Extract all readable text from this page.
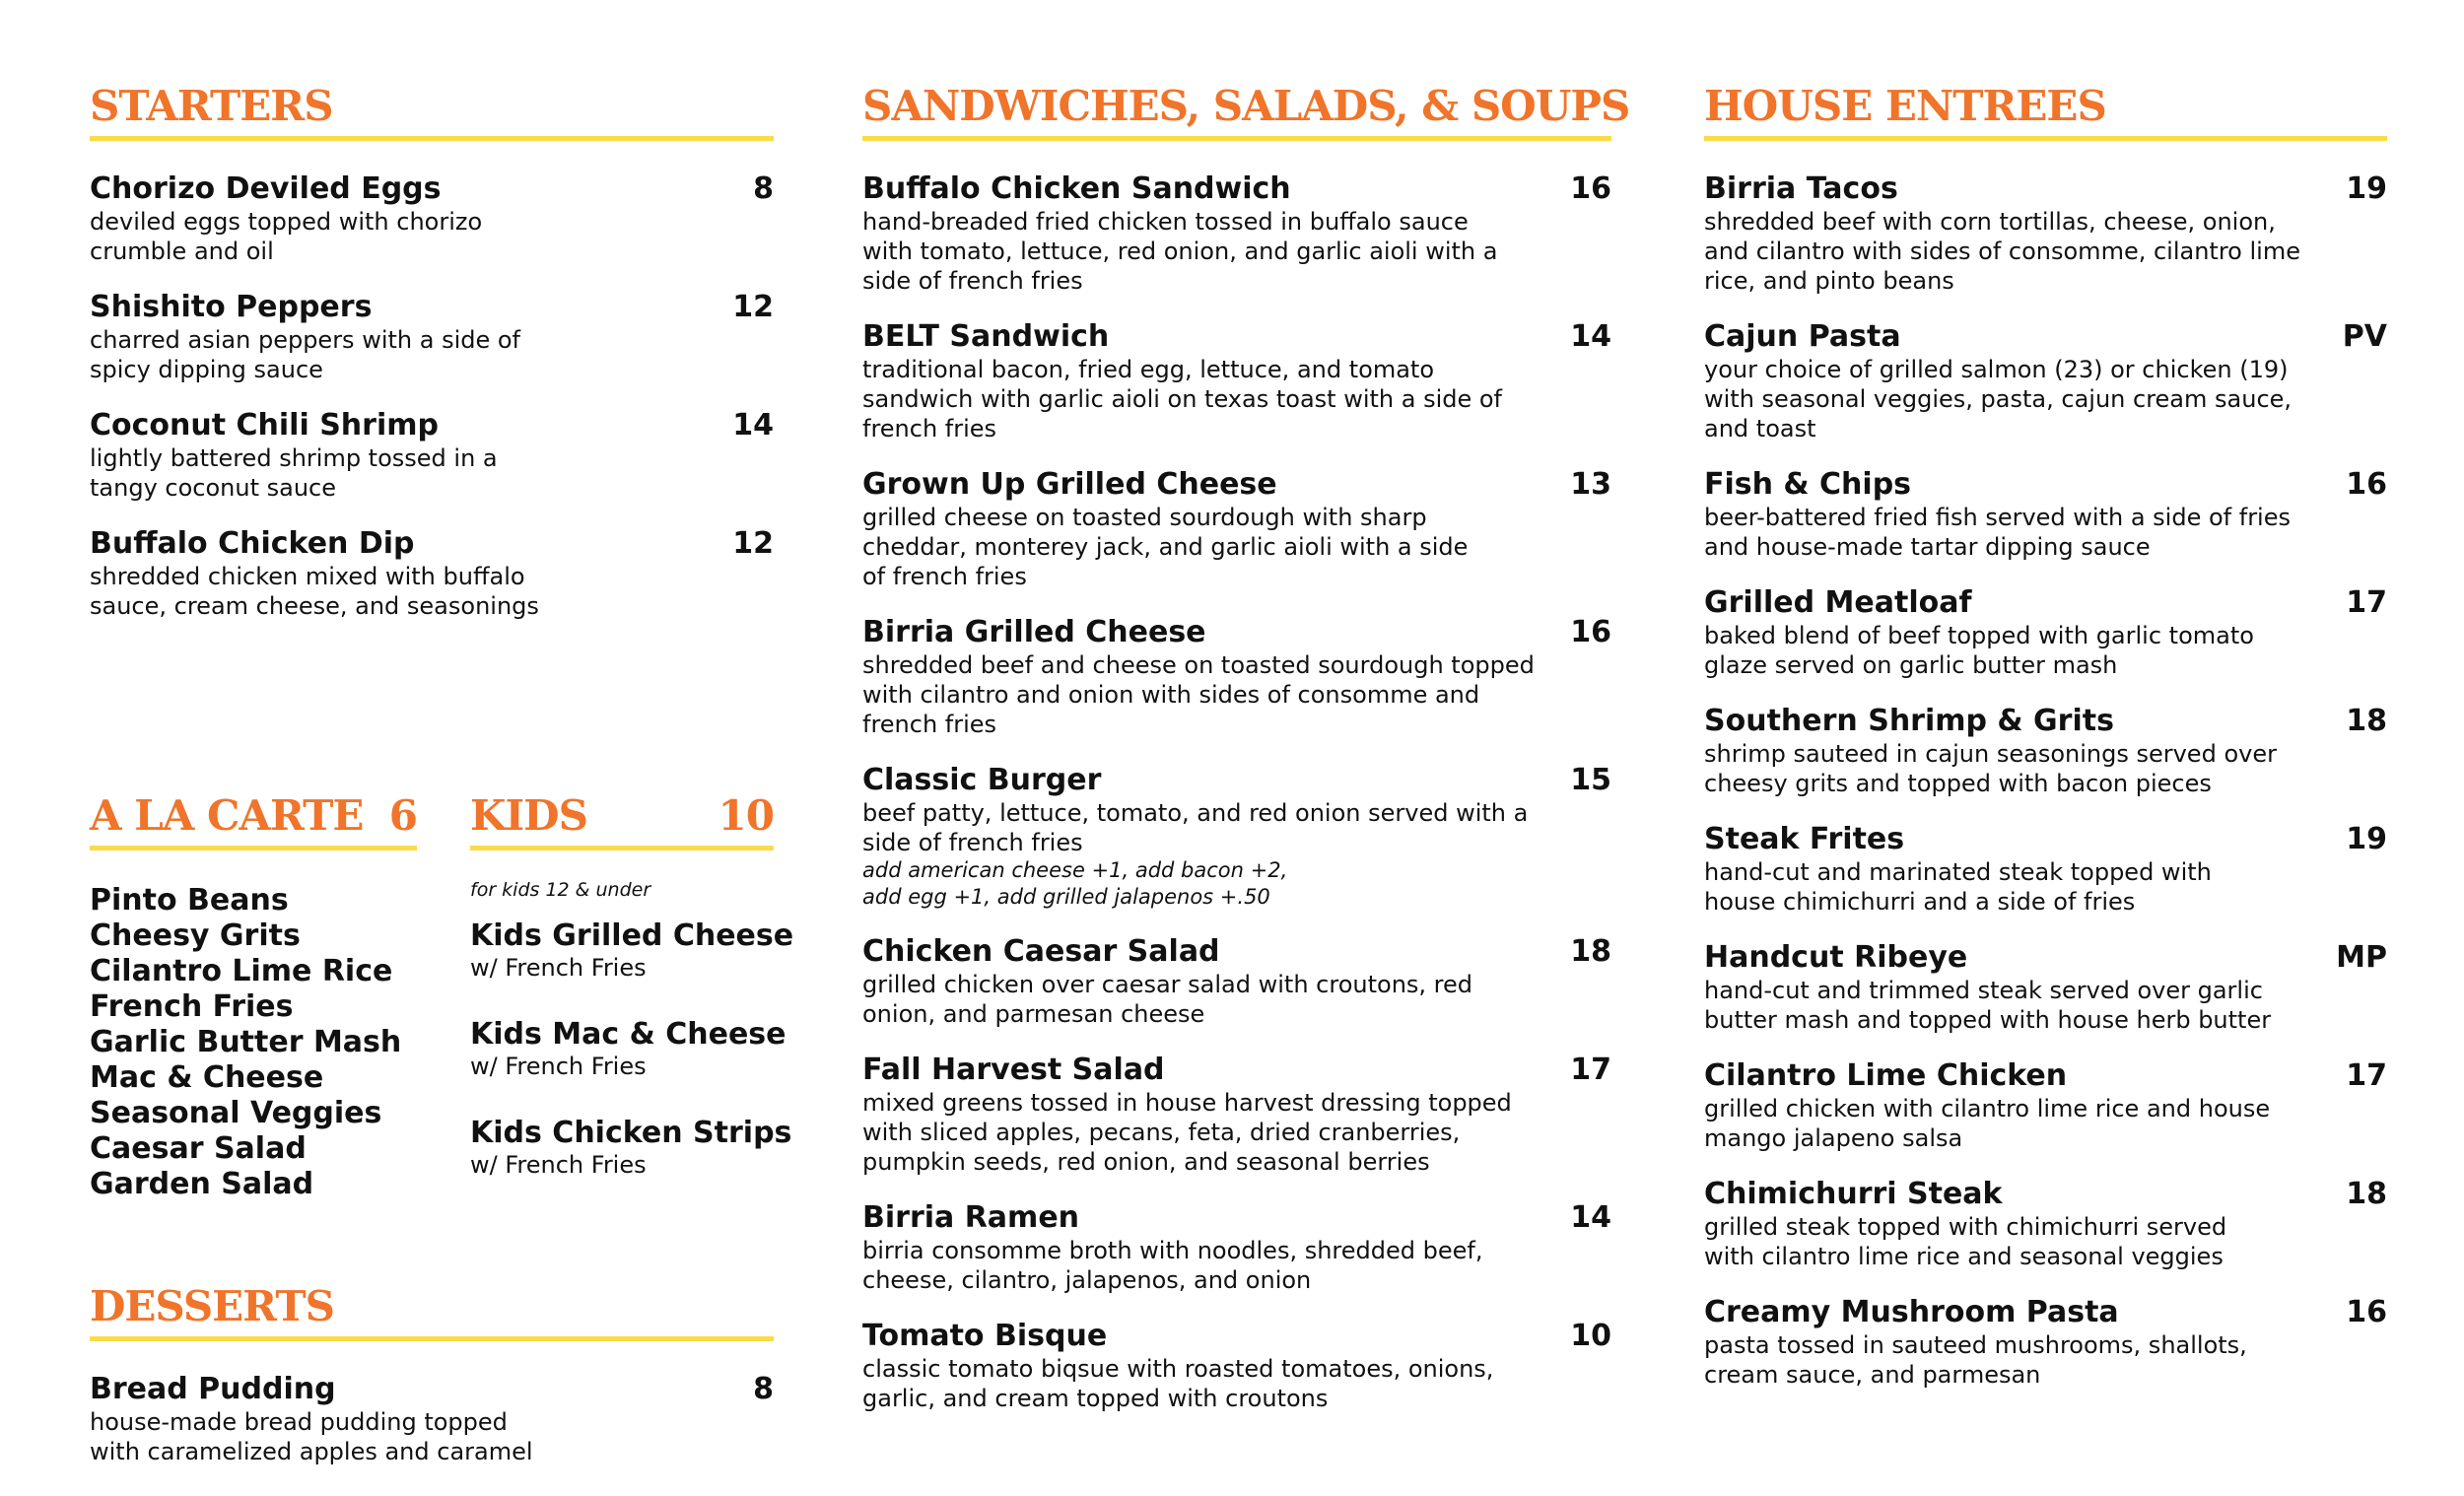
STARTERS
Chorizo Deviled Eggs	8
deviled eggs topped with chorizo crumble and oil
Shishito Peppers	12
charred asian peppers with a side of spicy dipping sauce
Coconut Chili Shrimp	14
lightly battered shrimp tossed in a tangy coconut sauce
Buffalo Chicken Dip	12
shredded chicken mixed with buffalo sauce, cream cheese, and seasonings
A LA CARTE 6
Pinto Beans
Cheesy Grits
Cilantro Lime Rice
French Fries
Garlic Butter Mash
Mac & Cheese
Seasonal Veggies
Caesar Salad
Garden Salad
KIDS	10
for kids 12 & under
Kids Grilled Cheese
w/ French Fries
Kids Mac & Cheese
w/ French Fries
Kids Chicken Strips
w/ French Fries
DESSERTS
Bread Pudding	8
house-made bread pudding topped with caramelized apples and caramel
SANDWICHES, SALADS, & SOUPS
Buffalo Chicken Sandwich	16
hand-breaded fried chicken tossed in buffalo sauce with tomato, lettuce, red onion, and garlic aioli with a side of french fries
BELT Sandwich	14
traditional bacon, fried egg, lettuce, and tomato sandwich with garlic aioli on texas toast with a side of french fries
Grown Up Grilled Cheese	13
grilled cheese on toasted sourdough with sharp cheddar, monterey jack, and garlic aioli with a side of french fries
Birria Grilled Cheese	16
shredded beef and cheese on toasted sourdough topped with cilantro and onion with sides of consomme and french fries
Classic Burger	15
beef patty, lettuce, tomato, and red onion served with a side of french fries
add american cheese +1, add bacon +2, add egg +1, add grilled jalapenos +.50
Chicken Caesar Salad	18
grilled chicken over caesar salad with croutons, red onion, and parmesan cheese
Fall Harvest Salad	17
mixed greens tossed in house harvest dressing topped with sliced apples, pecans, feta, dried cranberries, pumpkin seeds, red onion, and seasonal berries
Birria Ramen	14
birria consomme broth with noodles, shredded beef, cheese, cilantro, jalapenos, and onion
Tomato Bisque	10
classic tomato biqsue with roasted tomatoes, onions, garlic, and cream topped with croutons
HOUSE ENTREES
Birria Tacos	19
shredded beef with corn tortillas, cheese, onion, and cilantro with sides of consomme, cilantro lime rice, and pinto beans
Cajun Pasta	PV
your choice of grilled salmon (23) or chicken (19) with seasonal veggies, pasta, cajun cream sauce, and toast
Fish & Chips	16
beer-battered fried fish served with a side of fries and house-made tartar dipping sauce
Grilled Meatloaf	17
baked blend of beef topped with garlic tomato glaze served on garlic butter mash
Southern Shrimp & Grits	18
shrimp sauteed in cajun seasonings served over cheesy grits and topped with bacon pieces
Steak Frites	19
hand-cut and marinated steak topped with house chimichurri and a side of fries
Handcut Ribeye	MP
hand-cut and trimmed steak served over garlic butter mash and topped with house herb butter
Cilantro Lime Chicken	17
grilled chicken with cilantro lime rice and house mango jalapeno salsa
Chimichurri Steak	18
grilled steak topped with chimichurri served with cilantro lime rice and seasonal veggies
Creamy Mushroom Pasta	16
pasta tossed in sauteed mushrooms, shallots, cream sauce, and parmesan
